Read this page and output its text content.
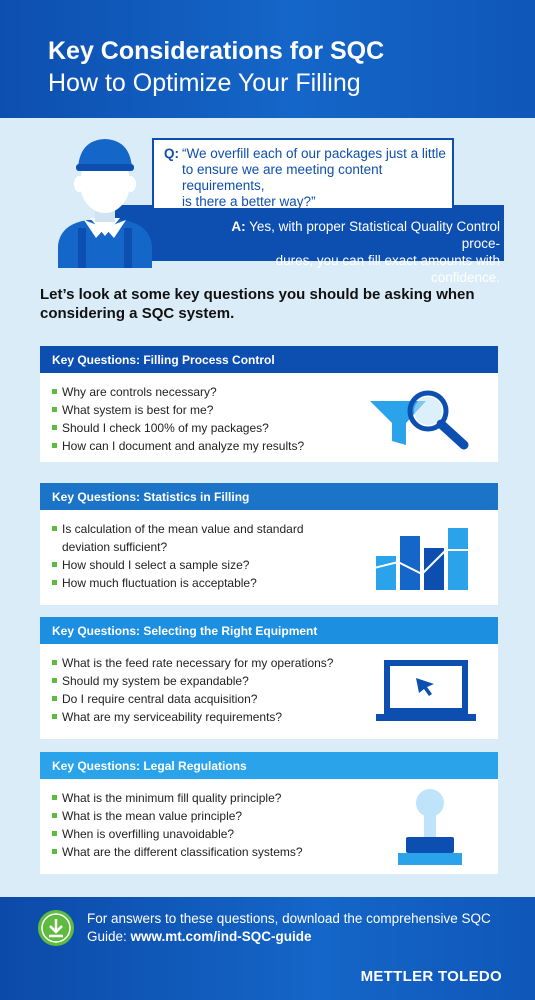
Key Considerations for SQC
How to Optimize Your Filling
A: Yes, with proper Statistical Quality Control proce-
dures, you can fill exact amounts with confidence.
Q: “We overfill each of our packages just a little
to ensure we are meeting content requirements,
is there a better way?”
Let’s look at some key questions you should be asking when
considering a SQC system.
Key Questions: Filling Process Control
Why are controls necessary?
What system is best for me?
Should I check 100% of my packages?
How can I document and analyze my results?
Key Questions: Statistics in Filling
Is calculation of the mean value and standard
deviation sufficient?
How should I select a sample size?
How much fluctuation is acceptable?
Key Questions: Selecting the Right Equipment
What is the feed rate necessary for my operations?
Should my system be expandable?
Do I require central data acquisition?
What are my serviceability requirements?
Key Questions: Legal Regulations
What is the minimum fill quality principle?
What is the mean value principle?
When is overfilling unavoidable?
What are the different classification systems?
For answers to these questions, download the comprehensive SQC
Guide: www.mt.com/ind-SQC-guide
METTLER TOLEDO
